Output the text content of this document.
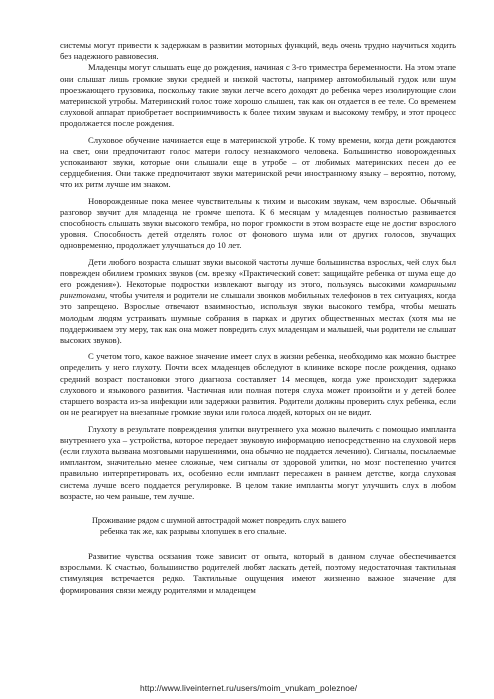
системы могут привести к задержкам в развитии моторных функций, ведь очень трудно научиться ходить без надежного равновесия.

Младенцы могут слышать еще до рождения, начиная с 3-го триместра беременности. На этом этапе они слышат лишь громкие звуки средней и низкой частоты, например автомобильный гудок или шум проезжающего грузовика, поскольку такие звуки легче всего доходят до ребенка через изолирующие слои материнской утробы. Материнский голос тоже хорошо слышен, так как он отдается в ее теле. Со временем слуховой аппарат приобретает восприимчивость к более тихим звукам и высокому тембру, и этот процесс продолжается после рождения.

Слуховое обучение начинается еще в материнской утробе. К тому времени, когда дети рождаются на свет, они предпочитают голос матери голосу незнакомого человека. Большинство новорожденных успокаивают звуки, которые они слышали еще в утробе – от любимых материнских песен до ее сердцебиения. Они также предпочитают звуки материнской речи иностранному языку – вероятно, потому, что их ритм лучше им знаком.

Новорожденные пока менее чувствительны к тихим и высоким звукам, чем взрослые. Обычный разговор звучит для младенца не громче шепота. К 6 месяцам у младенцев полностью развивается способность слышать звуки высокого тембра, но порог громкости в этом возрасте еще не достиг взрослого уровня. Способность детей отделять голос от фонового шума или от других голосов, звучащих одновременно, продолжает улучшаться до 10 лет.

Дети любого возраста слышат звуки высокой частоты лучше большинства взрослых, чей слух был поврежден обилием громких звуков (см. врезку «Практический совет: защищайте ребенка от шума еще до его рождения»). Некоторые подростки извлекают выгоду из этого, пользуясь высокими комариными рингтонами, чтобы учителя и родители не слышали звонков мобильных телефонов в тех ситуациях, когда это запрещено. Взрослые отвечают взаимностью, используя звуки высокого тембра, чтобы мешать молодым людям устраивать шумные собрания в парках и других общественных местах (хотя мы не поддерживаем эту меру, так как она может повредить слух младенцам и малышей, чьи родители не слышат высоких звуков).

С учетом того, какое важное значение имеет слух в жизни ребенка, необходимо как можно быстрее определить у него глухоту. Почти всех младенцев обследуют в клинике вскоре после рождения, однако средний возраст постановки этого диагноза составляет 14 месяцев, когда уже происходит задержка слухового и языкового развития. Частичная или полная потеря слуха может произойти и у детей более старшего возраста из-за инфекции или задержки развития. Родители должны проверить слух ребенка, если он не реагирует на внезапные громкие звуки или голоса людей, которых он не видит.

Глухоту в результате повреждения улитки внутреннего уха можно вылечить с помощью импланта внутреннего уха – устройства, которое передает звуковую информацию непосредственно на слуховой нерв (если глухота вызвана мозговыми нарушениями, она обычно не поддается лечению). Сигналы, посылаемые имплантом, значительно менее сложные, чем сигналы от здоровой улитки, но мозг постепенно учится правильно интерпретировать их, особенно если имплант пересажен в раннем детстве, когда слуховая система лучше всего поддается регулировке. В целом такие импланты могут улучшить слух в любом возрасте, но чем раньше, тем лучше.

Проживание рядом с шумной автострадой может повредить слух вашего
ребенка так же, как разрывы хлопушек в его спальне.

Развитие чувства осязания тоже зависит от опыта, который в данном случае обеспечивается взрослыми. К счастью, большинство родителей любят ласкать детей, поэтому недостаточная тактильная стимуляция встречается редко. Тактильные ощущения имеют жизненно важное значение для формирования связи между родителями и младенцем

http://www.liveinternet.ru/users/moim_vnukam_poleznoe/
